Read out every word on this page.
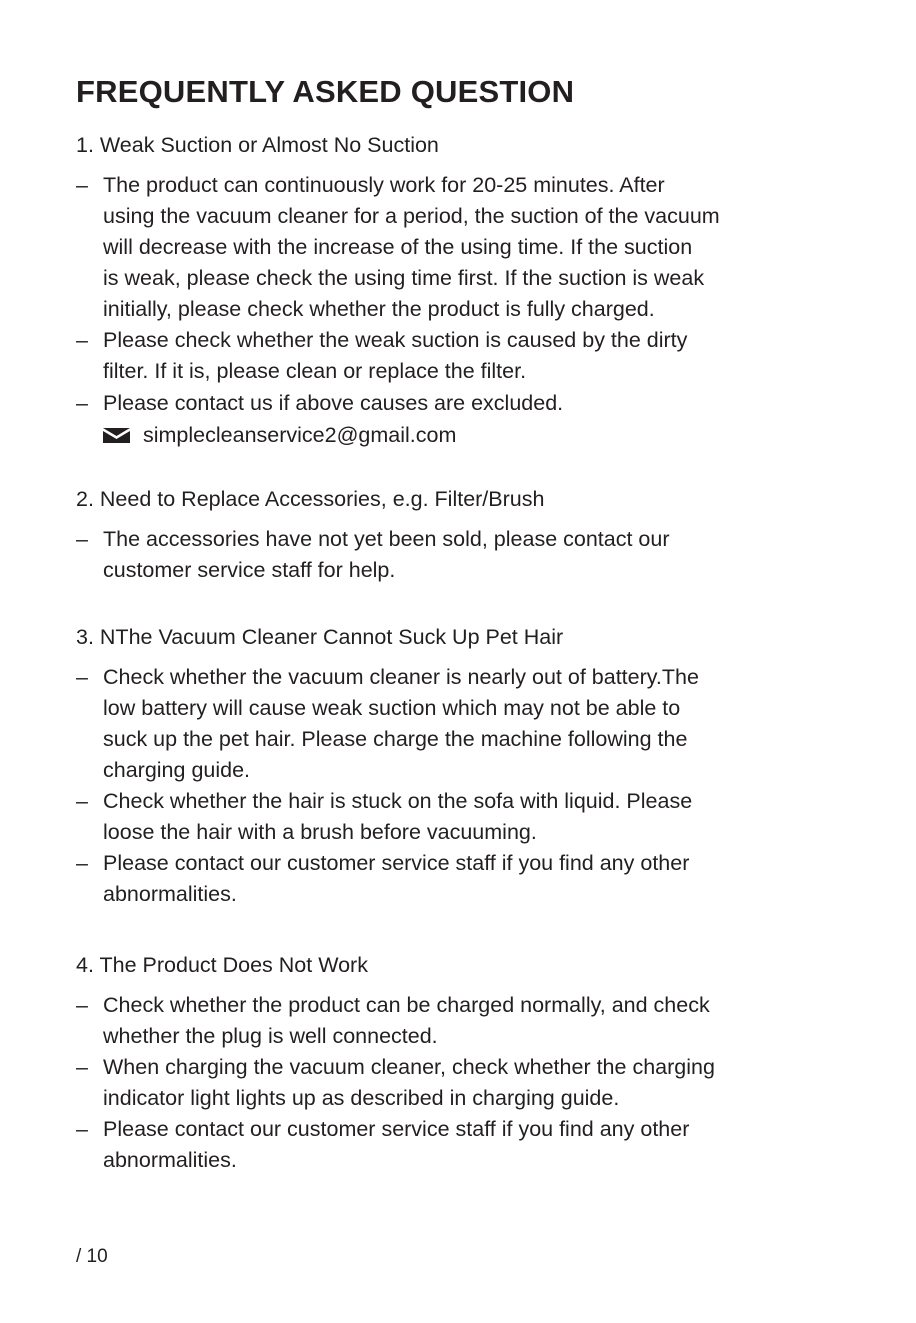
FREQUENTLY ASKED QUESTION
1. Weak Suction or Almost No Suction
– The product can continuously work for 20-25 minutes. After
using the vacuum cleaner for a period, the suction of the vacuum
will decrease with the increase of the using time. If the suction
is weak, please check the using time first. If the suction is weak
initially, please check whether the product is fully charged.
– Please check whether the weak suction is caused by the dirty
filter. If it is, please clean or replace the filter.
– Please contact us if above causes are excluded.
simplecleanservice2@gmail.com
2. Need to Replace Accessories, e.g. Filter/Brush
– The accessories have not yet been sold, please contact our
customer service staff for help.
3. NThe Vacuum Cleaner Cannot Suck Up Pet Hair
– Check whether the vacuum cleaner is nearly out of battery.The
low battery will cause weak suction which may not be able to
suck up the pet hair. Please charge the machine following the
charging guide.
– Check whether the hair is stuck on the sofa with liquid. Please
loose the hair with a brush before vacuuming.
– Please contact our customer service staff if you find any other
abnormalities.
4. The Product Does Not Work
– Check whether the product can be charged normally, and check
whether the plug is well connected.
– When charging the vacuum cleaner, check whether the charging
indicator light lights up as described in charging guide.
– Please contact our customer service staff if you find any other
abnormalities.
/ 10
